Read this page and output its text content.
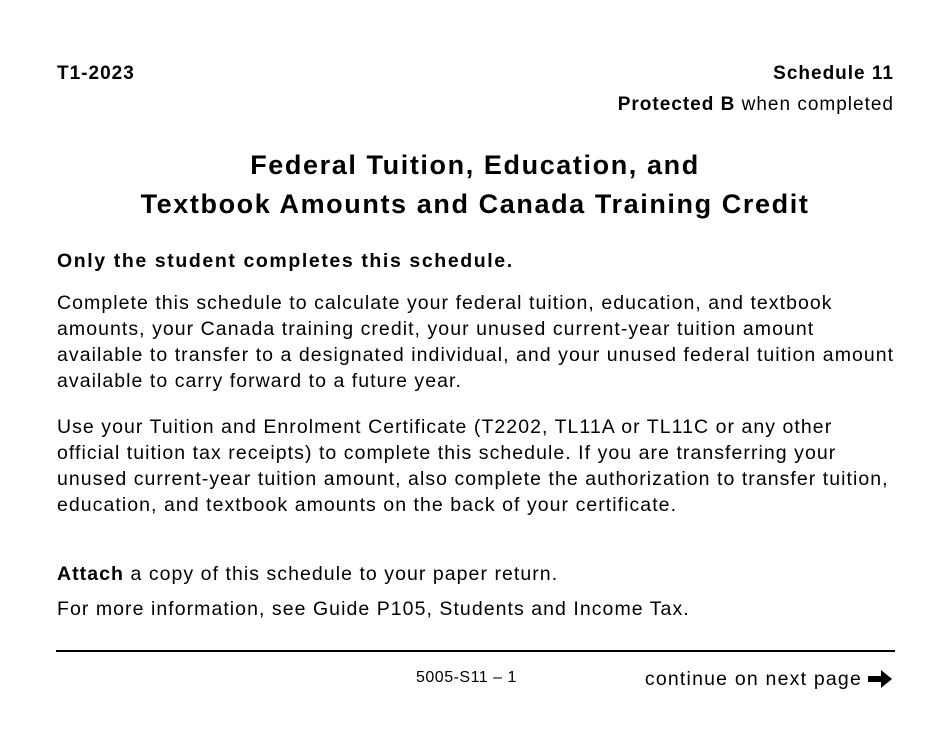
T1-2023	Schedule 11
Protected B when completed
Federal Tuition, Education, and
Textbook Amounts and Canada Training Credit
Only the student completes this schedule.
Complete this schedule to calculate your federal tuition, education, and textbook amounts, your Canada training credit, your unused current-year tuition amount available to transfer to a designated individual, and your unused federal tuition amount available to carry forward to a future year.
Use your Tuition and Enrolment Certificate (T2202, TL11A or TL11C or any other official tuition tax receipts) to complete this schedule. If you are transferring your unused current-year tuition amount, also complete the authorization to transfer tuition, education, and textbook amounts on the back of your certificate.
Attach a copy of this schedule to your paper return.
For more information, see Guide P105, Students and Income Tax.
5005-S11 – 1	continue on next page
